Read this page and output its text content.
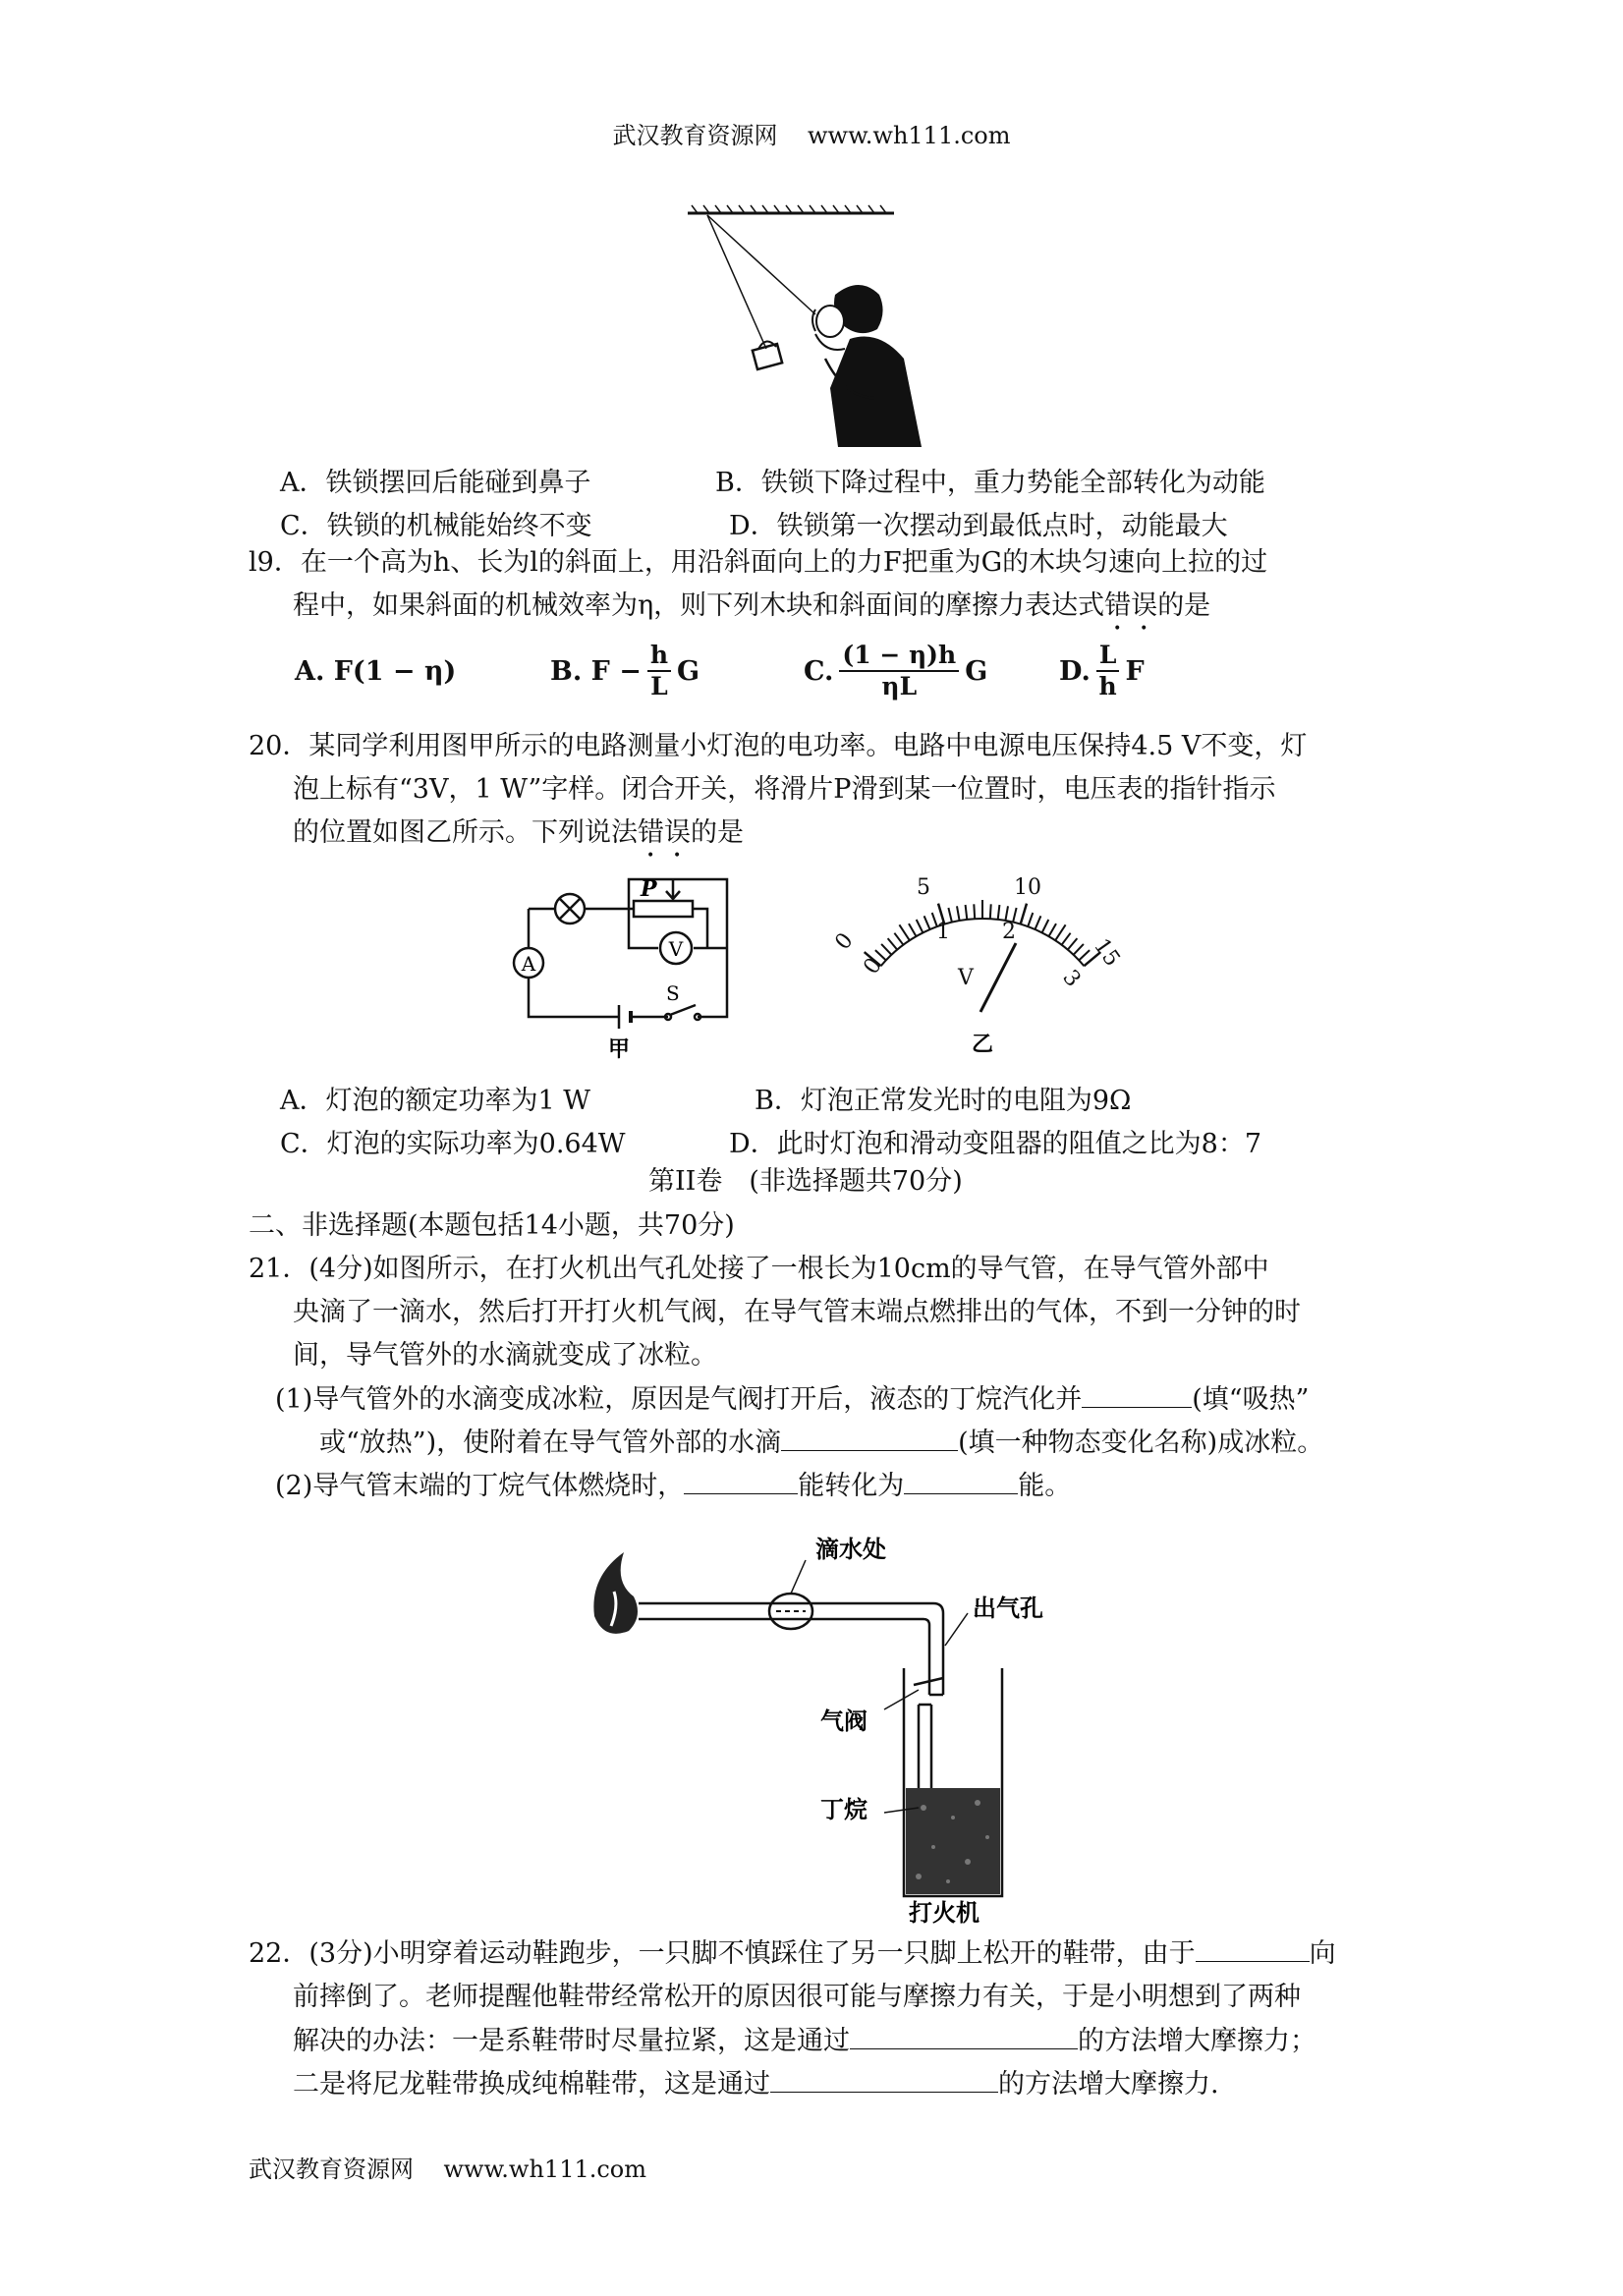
武汉教育资源网 www.wh111.com
A．铁锁摆回后能碰到鼻子	B．铁锁下降过程中，重力势能全部转化为动能
C．铁锁的机械能始终不变	D．铁锁第一次摆动到最低点时，动能最大
l9．在一个高为h、长为l的斜面上，用沿斜面向上的力F把重为G的木块匀速向上拉的过
程中，如果斜面的机械效率为η，则下列木块和斜面间的摩擦力表达式错误的是
A. F(1 − η)	B. $F - \frac{h}{L}$ G	C. $\frac{(1 - \eta)h}{\eta L}$ G	D. $\frac{L}{h}$ F
20．某同学利用图甲所示的电路测量小灯泡的电功率。电路中电源电压保持4.5 V不变，灯
泡上标有“3V，1 W”字样。闭合开关，将滑片P滑到某一位置时，电压表的指针指示
的位置如图乙所示。下列说法错误的是
P
A
V
S
甲
0
5	10
15
0
1 2
3
V
乙
A．灯泡的额定功率为1 W	B．灯泡正常发光时的电阻为9Ω
C．灯泡的实际功率为0.64W	D．此时灯泡和滑动变阻器的阻值之比为8：7
第II卷　(非选择题共70分)
二、非选择题(本题包括14小题，共70分)
21．(4分)如图所示，在打火机出气孔处接了一根长为10cm的导气管，在导气管外部中
央滴了一滴水，然后打开打火机气阀，在导气管末端点燃排出的气体，不到一分钟的时
间，导气管外的水滴就变成了冰粒。
(1)导气管外的水滴变成冰粒，原因是气阀打开后，液态的丁烷汽化并	(填“吸热”
或“放热”)，使附着在导气管外部的水滴	(填一种物态变化名称)成冰粒。
(2)导气管末端的丁烷气体燃烧时，	能转化为	能。
滴水处
出气孔
气阀
丁烷
打火机
22．(3分)小明穿着运动鞋跑步，一只脚不慎踩住了另一只脚上松开的鞋带，由于	向
前摔倒了。老师提醒他鞋带经常松开的原因很可能与摩擦力有关，于是小明想到了两种
解决的办法：一是系鞋带时尽量拉紧，这是通过	的方法增大摩擦力；
二是将尼龙鞋带换成纯棉鞋带，这是通过	的方法增大摩擦力.
武汉教育资源网 www.wh111.com
